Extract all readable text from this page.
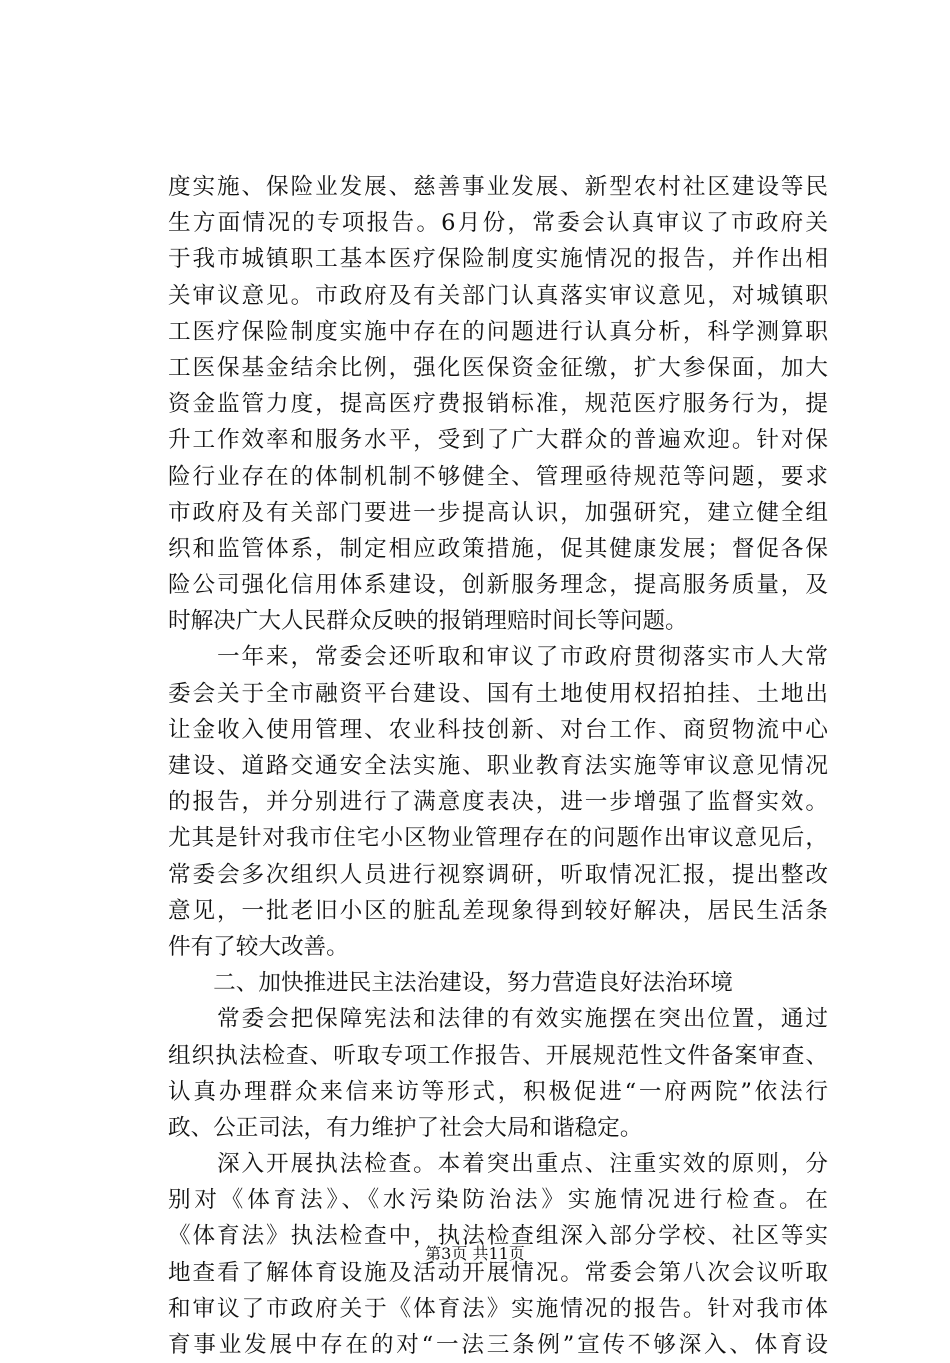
度实施、保险业发展、慈善事业发展、新型农村社区建设等民
生方面情况的专项报告。6月份，常委会认真审议了市政府关
于我市城镇职工基本医疗保险制度实施情况的报告，并作出相
关审议意见。市政府及有关部门认真落实审议意见，对城镇职
工医疗保险制度实施中存在的问题进行认真分析，科学测算职
工医保基金结余比例，强化医保资金征缴，扩大参保面，加大
资金监管力度，提高医疗费报销标准，规范医疗服务行为，提
升工作效率和服务水平，受到了广大群众的普遍欢迎。针对保
险行业存在的体制机制不够健全、管理亟待规范等问题，要求
市政府及有关部门要进一步提高认识，加强研究，建立健全组
织和监管体系，制定相应政策措施，促其健康发展；督促各保
险公司强化信用体系建设，创新服务理念，提高服务质量，及
时解决广大人民群众反映的报销理赔时间长等问题。
　　一年来，常委会还听取和审议了市政府贯彻落实市人大常
委会关于全市融资平台建设、国有土地使用权招拍挂、土地出
让金收入使用管理、农业科技创新、对台工作、商贸物流中心
建设、道路交通安全法实施、职业教育法实施等审议意见情况
的报告，并分别进行了满意度表决，进一步增强了监督实效。
尤其是针对我市住宅小区物业管理存在的问题作出审议意见后，
常委会多次组织人员进行视察调研，听取情况汇报，提出整改
意见，一批老旧小区的脏乱差现象得到较好解决，居民生活条
件有了较大改善。
　　二、加快推进民主法治建设，努力营造良好法治环境
　　常委会把保障宪法和法律的有效实施摆在突出位置，通过
组织执法检查、听取专项工作报告、开展规范性文件备案审查、
认真办理群众来信来访等形式，积极促进“一府两院”依法行
政、公正司法，有力维护了社会大局和谐稳定。
　　深入开展执法检查。本着突出重点、注重实效的原则，分
别对《体育法》、《水污染防治法》实施情况进行检查。在
《体育法》执法检查中，执法检查组深入部分学校、社区等实
地查看了解体育设施及活动开展情况。常委会第八次会议听取
和审议了市政府关于《体育法》实施情况的报告。针对我市体
育事业发展中存在的对“一法三条例”宣传不够深入、体育设
第3页 共11页
